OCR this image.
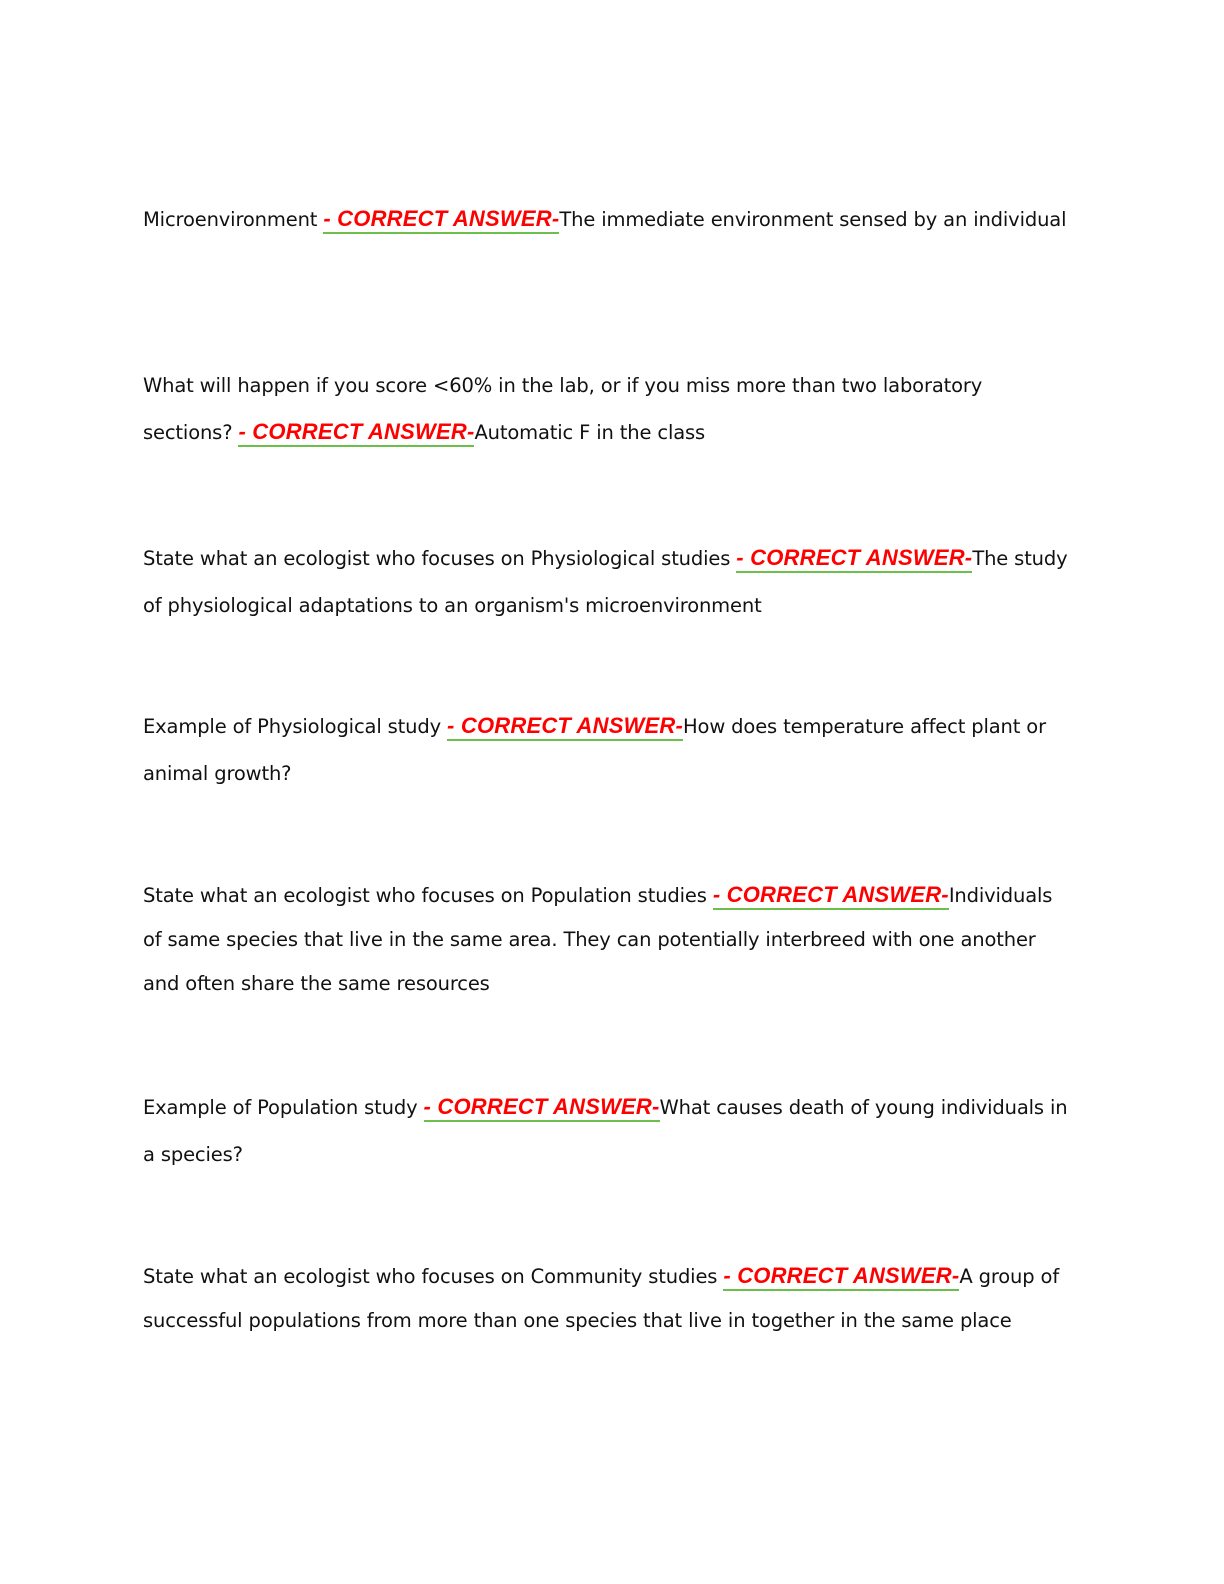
Microenvironment - CORRECT ANSWER-The immediate environment sensed by an individual

What will happen if you score <60% in the lab, or if you miss more than two laboratory sections? - CORRECT ANSWER-Automatic F in the class

State what an ecologist who focuses on Physiological studies - CORRECT ANSWER-The study of physiological adaptations to an organism's microenvironment

Example of Physiological study - CORRECT ANSWER-How does temperature affect plant or animal growth?

State what an ecologist who focuses on Population studies - CORRECT ANSWER-Individuals of same species that live in the same area. They can potentially interbreed with one another and often share the same resources

Example of Population study - CORRECT ANSWER-What causes death of young individuals in a species?

State what an ecologist who focuses on Community studies - CORRECT ANSWER-A group of successful populations from more than one species that live in together in the same place
